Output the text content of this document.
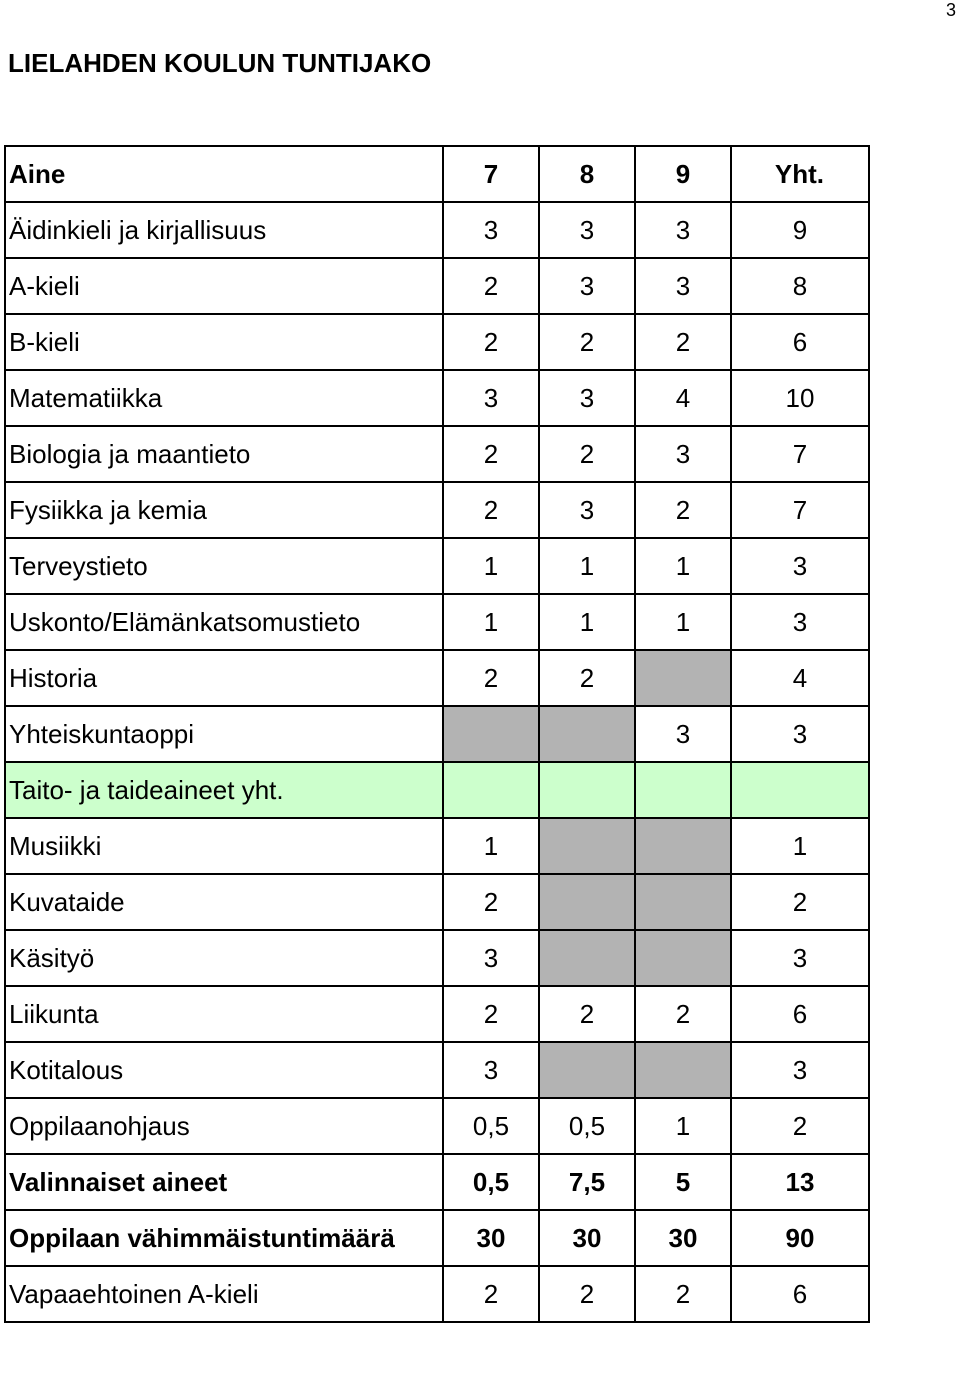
3
LIELAHDEN KOULUN TUNTIJAKO
Aine	7	8	9	Yht.
Äidinkieli ja kirjallisuus	3	3	3	9
A-kieli	2	3	3	8
B-kieli	2	2	2	6
Matematiikka	3	3	4	10
Biologia ja maantieto	2	2	3	7
Fysiikka ja kemia	2	3	2	7
Terveystieto	1	1	1	3
Uskonto/Elämänkatsomustieto	1	1	1	3
Historia	2	2		4
Yhteiskuntaoppi			3	3
Taito- ja taideaineet yht.				
Musiikki	1			1
Kuvataide	2			2
Käsityö	3			3
Liikunta	2	2	2	6
Kotitalous	3			3
Oppilaanohjaus	0,5	0,5	1	2
Valinnaiset aineet	0,5	7,5	5	13
Oppilaan vähimmäistuntimäärä	30	30	30	90
Vapaaehtoinen A-kieli	2	2	2	6
